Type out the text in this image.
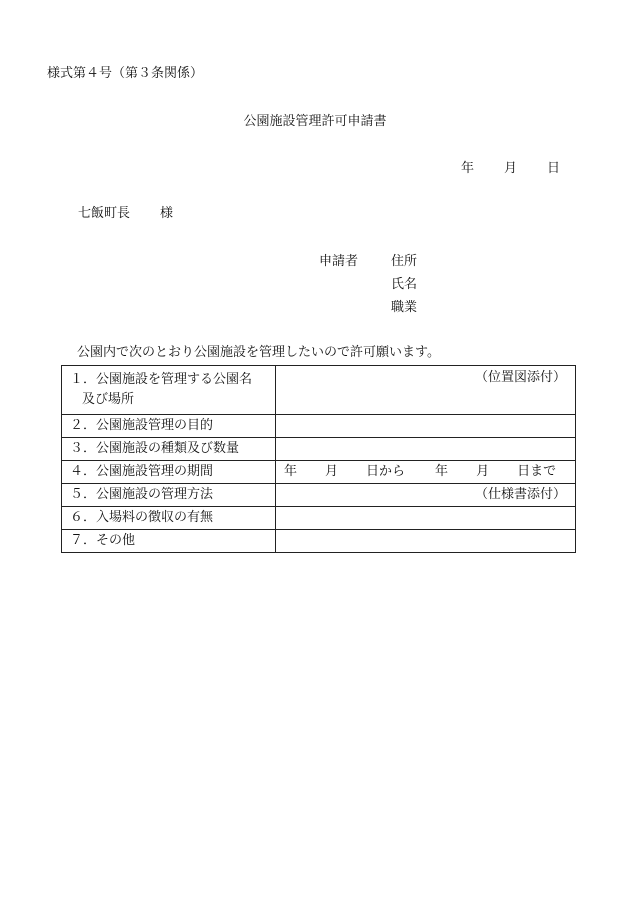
様式第４号（第３条関係）
公園施設管理許可申請書
年 月 日
七飯町長 様
申請者	住所
氏名
職業
公園内で次のとおり公園施設を管理したいので許可願います。
１．公園施設を管理する公園名
及び場所	（位置図添付）

２．公園施設管理の目的	
３．公園施設の種類及び数量	
４．公園施設管理の期間	年 月 日から 年 月 日まで
５．公園施設の管理方法	（仕様書添付）

６．入場料の徴収の有無	
７．その他	
